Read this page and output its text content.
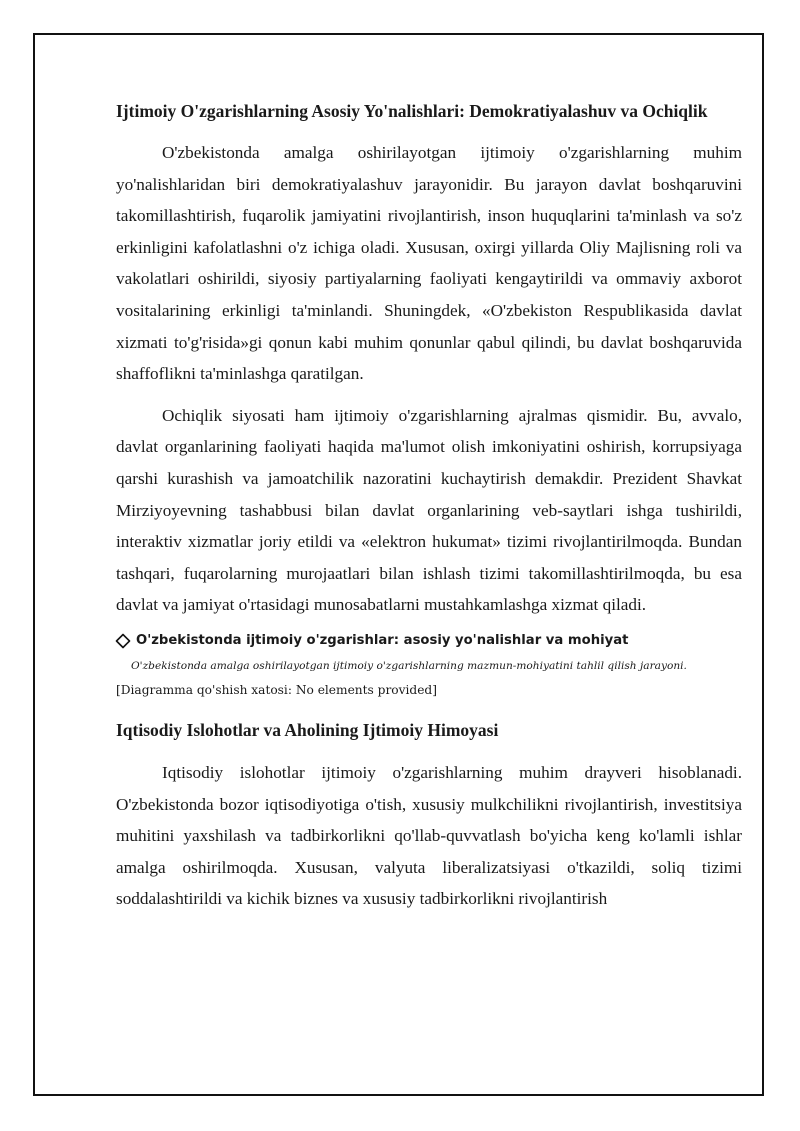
Ijtimoiy O'zgarishlarning Asosiy Yo'nalishlari: Demokratiyalashuv va Ochiqlik

O'zbekistonda amalga oshirilayotgan ijtimoiy o'zgarishlarning muhim yo'nalishlaridan biri demokratiyalashuv jarayonidir. Bu jarayon davlat boshqaruvini takomillashtirish, fuqarolik jamiyatini rivojlantirish, inson huquqlarini ta'minlash va so'z erkinligini kafolatlashni o'z ichiga oladi. Xususan, oxirgi yillarda Oliy Majlisning roli va vakolatlari oshirildi, siyosiy partiyalarning faoliyati kengaytirildi va ommaviy axborot vositalarining erkinligi ta'minlandi. Shuningdek, «O'zbekiston Respublikasida davlat xizmati to'g'risida»gi qonun kabi muhim qonunlar qabul qilindi, bu davlat boshqaruvida shaffoflikni ta'minlashga qaratilgan.

Ochiqlik siyosati ham ijtimoiy o'zgarishlarning ajralmas qismidir. Bu, avvalo, davlat organlarining faoliyati haqida ma'lumot olish imkoniyatini oshirish, korrupsiyaga qarshi kurashish va jamoatchilik nazoratini kuchaytirish demakdir. Prezident Shavkat Mirziyoyevning tashabbusi bilan davlat organlarining veb-saytlari ishga tushirildi, interaktiv xizmatlar joriy etildi va «elektron hukumat» tizimi rivojlantirilmoqda. Bundan tashqari, fuqarolarning murojaatlari bilan ishlash tizimi takomillashtirilmoqda, bu esa davlat va jamiyat o'rtasidagi munosabatlarni mustahkamlashga xizmat qiladi.

O'zbekistonda ijtimoiy o'zgarishlar: asosiy yo'nalishlar va mohiyat
O'zbekistonda amalga oshirilayotgan ijtimoiy o'zgarishlarning mazmun-mohiyatini tahlil qilish jarayoni.
[Diagramma qo'shish xatosi: No elements provided]
Iqtisodiy Islohotlar va Aholining Ijtimoiy Himoyasi

Iqtisodiy islohotlar ijtimoiy o'zgarishlarning muhim drayveri hisoblanadi. O'zbekistonda bozor iqtisodiyotiga o'tish, xususiy mulkchilikni rivojlantirish, investitsiya muhitini yaxshilash va tadbirkorlikni qo'llab-quvvatlash bo'yicha keng ko'lamli ishlar amalga oshirilmoqda. Xususan, valyuta liberalizatsiyasi o'tkazildi, soliq tizimi soddalashtirildi va kichik biznes va xususiy tadbirkorlikni rivojlantirish
